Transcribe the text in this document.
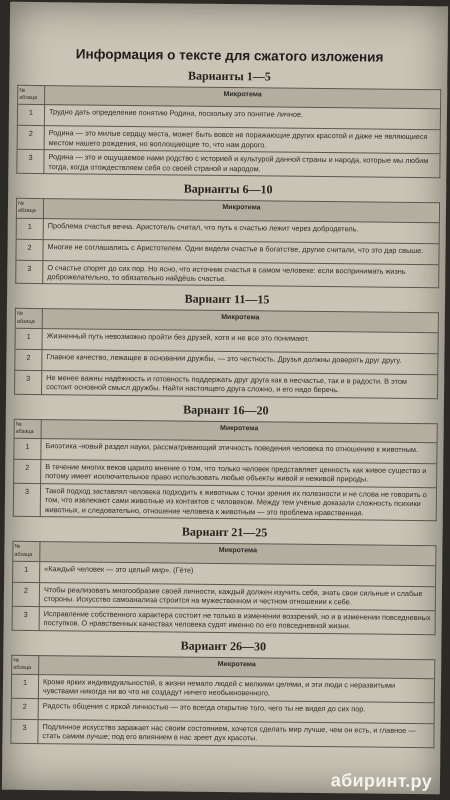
Информация о тексте для сжатого изложения
Варианты 1—5
№ абзаца	Микротема
1	Трудно дать определение понятию Родина, поскольку это понятие личное.
2	Родина — это милые сердцу места, может быть вовсе не поражающие других красотой и даже не являющиеся местом нашего рождения, но воплощающие то, что нам дорого.
3	Родина — это и ощущаемое нами родство с историей и культурой данной страны и народа, которые мы любим тогда, когда отождествляем себя со своей страной и народом.
Варианты 6—10
№ абзаца	Микротема
1	Проблема счастья вечна. Аристотель считал, что путь к счастью лежит через добродетель.
2	Многие не соглашались с Аристотелем. Одни видели счастье в богатстве, другие считали, что это дар свыше.
3	О счастье спорят до сих пор. Но ясно, что источник счастья в самом человеке: если воспринимать жизнь доброжелательно, то обязательно найдёшь счастье.
Вариант 11—15
№ абзаца	Микротема
1	Жизненный путь невозможно пройти без друзей, хотя и не все это понимают.
2	Главное качество, лежащее в основании дружбы, — это честность. Друзья должны доверять друг другу.
3	Не менее важны надёжность и готовность поддержать друг друга как в несчастье, так и в радости. В этом состоит основной смысл дружбы. Найти настоящего друга сложно, и его надо беречь.
Вариант 16—20
№ абзаца	Микротема
1	Биоэтика -новый раздел науки, рассматривающий этичность поведения человека по отношению к животным.
2	В течение многих веков царило мнение о том, что только человек представляет ценность как живое существо и потому имеет исключительное право использовать любые объекты живой и неживой природы.
3	Такой подход заставлял человека подходить к животным с точки зрения их полезности и не слова не говорить о том, что извлекают сами животные из контактов с человеком. Между тем учёные доказали сложность психики животных, и следовательно, отношение человека к животным — это проблема нравственная.
Вариант 21—25
№ абзаца	Микротема
1	«Каждый человек — это целый мир». (Гёте)
2	Чтобы реализовать многообразие своей личности, каждый должен изучить себя, знать свои сильные и слабые стороны. Искусство самоанализа строится на мужественном и честном отношении к себе.
3	Исправление собственного характера состоит не только в изменении воззрений, но и в изменении повседневных поступков. О нравственных качествах человека судят именно по его повседневной жизни.
Вариант 26—30
№ абзаца	Микротема
1	Кроме ярких индивидуальностей, в жизни немало людей с мелкими целями, и эти люди с неразвитыми чувствами никогда ни во что не создадут ничего необыкновенного.
2	Радость общения с яркой личностью — это всегда открытие того, чего ты не видел до сих пор.
3	Подлинное искусство заражает нас своим состоянием, хочется сделать мир лучше, чем он есть, и главное — стать самим лучше; под его влиянием в нас зреет дух красоты.
абиринт.ру
